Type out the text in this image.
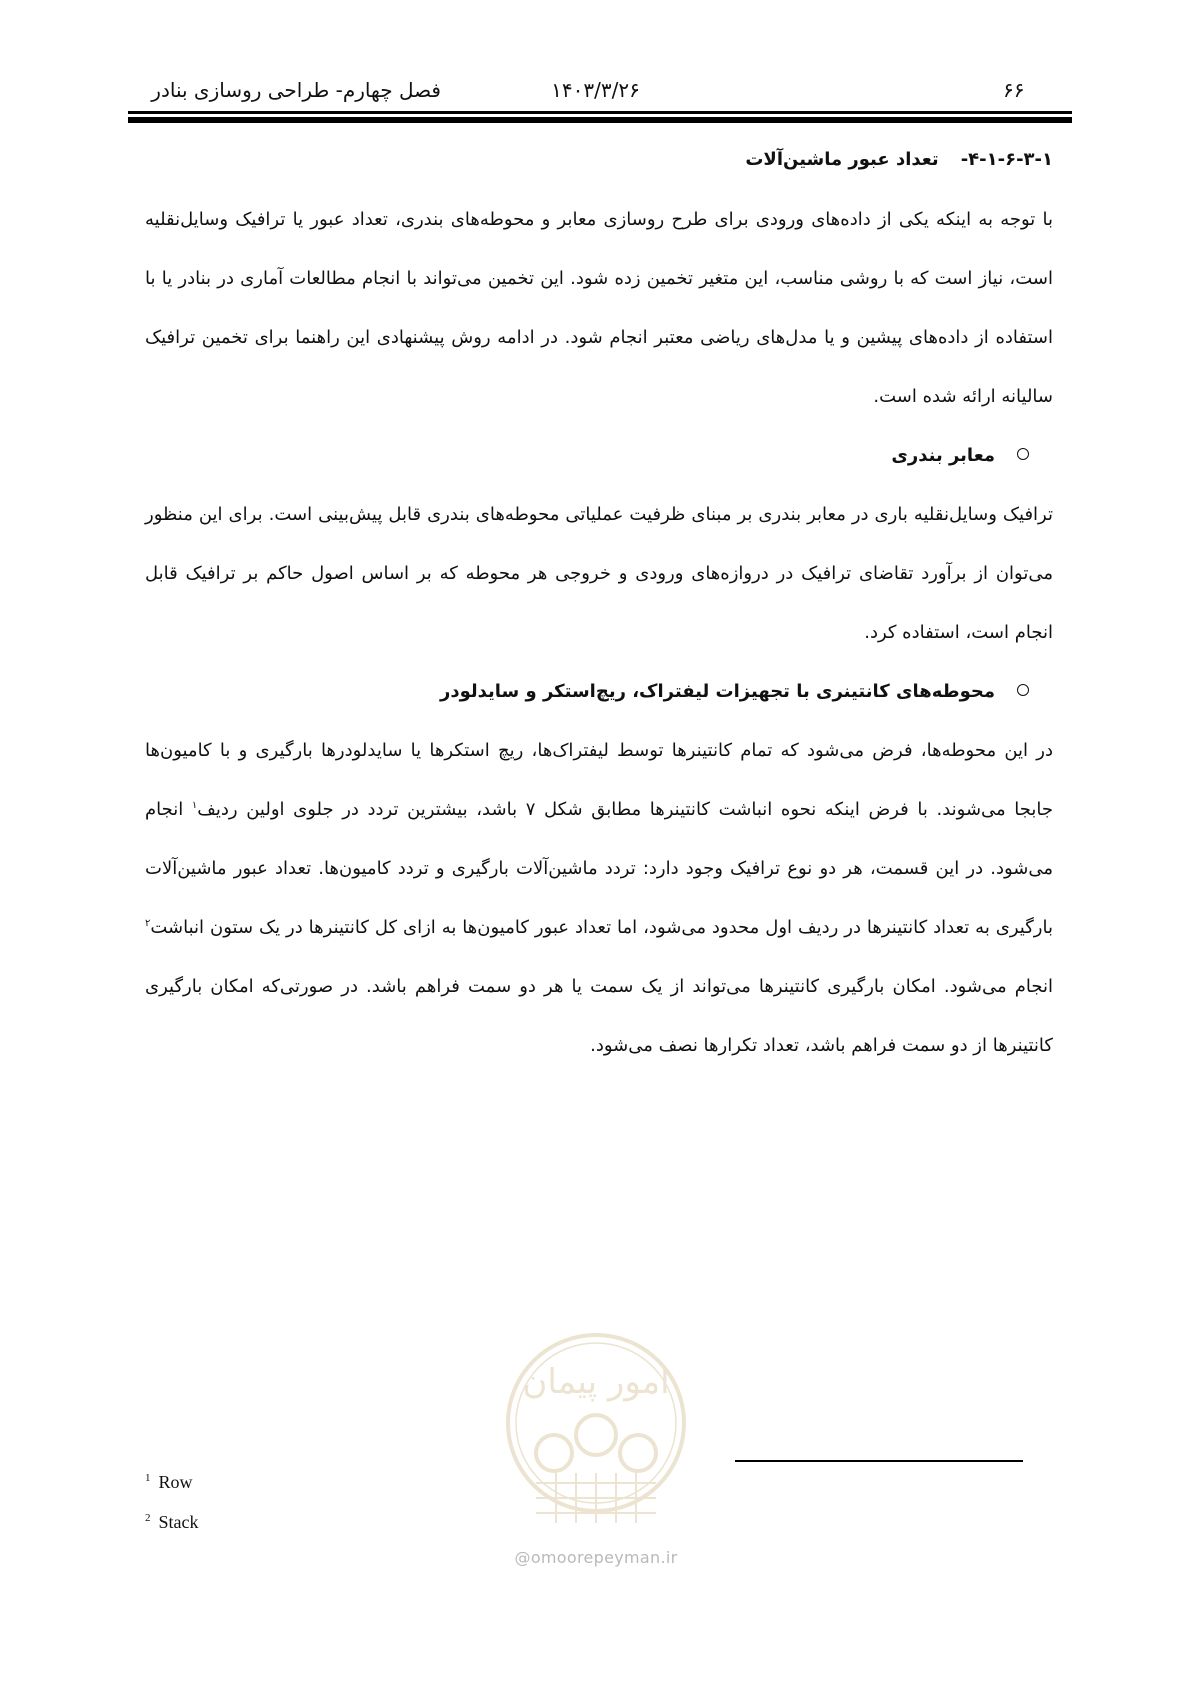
فصل چهارم- طراحی روسازی بنادر	۱۴۰۳/۳/۲۶	۶۶
۴-۱-۶-۳-۱-تعداد عبور ماشین‌آلات

با توجه به اینکه یکی از داده‌های ورودی برای طرح روسازی معابر و محوطه‌های بندری، تعداد عبور یا ترافیک وسایل‌نقلیه است، نیاز است که با روشی مناسب، این متغیر تخمین زده شود. این تخمین می‌تواند با انجام مطالعات آماری در بنادر یا با استفاده از داده‌های پیشین و یا مدل‌های ریاضی معتبر انجام شود. در ادامه روش پیشنهادی این راهنما برای تخمین ترافیک سالیانه ارائه شده است.

معابر بندری

ترافیک وسایل‌نقلیه باری در معابر بندری بر مبنای ظرفیت عملیاتی محوطه‌های بندری قابل پیش‌بینی است. برای این منظور می‌توان از برآورد تقاضای ترافیک در دروازه‌های ورودی و خروجی هر محوطه که بر اساس اصول حاکم بر ترافیک قابل انجام است، استفاده کرد.

محوطه‌های کانتینری با تجهیزات لیفتراک، ریچ‌استکر و سایدلودر

در این محوطه‌ها، فرض می‌شود که تمام کانتینرها توسط لیفتراک‌ها، ریچ استکرها یا سایدلودرها بارگیری و با کامیون‌ها جابجا می‌شوند. با فرض اینکه نحوه انباشت کانتینرها مطابق شکل ۷ باشد، بیشترین تردد در جلوی اولین ردیف$^۱$ انجام می‌شود. در این قسمت، هر دو نوع ترافیک وجود دارد: تردد ماشین‌آلات بارگیری و تردد کامیون‌ها. تعداد عبور ماشین‌آلات بارگیری به تعداد کانتینرها در ردیف اول محدود می‌شود، اما تعداد عبور کامیون‌ها به ازای کل کانتینرها در یک ستون انباشت$^۲$ انجام می‌شود. امکان بارگیری کانتینرها می‌تواند از یک سمت یا هر دو سمت فراهم باشد. در صورتی‌که امکان بارگیری کانتینرها از دو سمت فراهم باشد، تعداد تکرارها نصف می‌شود.

امور پیمان
@omoorepeyman.ir
$^1$ Row
$^2$ Stack
